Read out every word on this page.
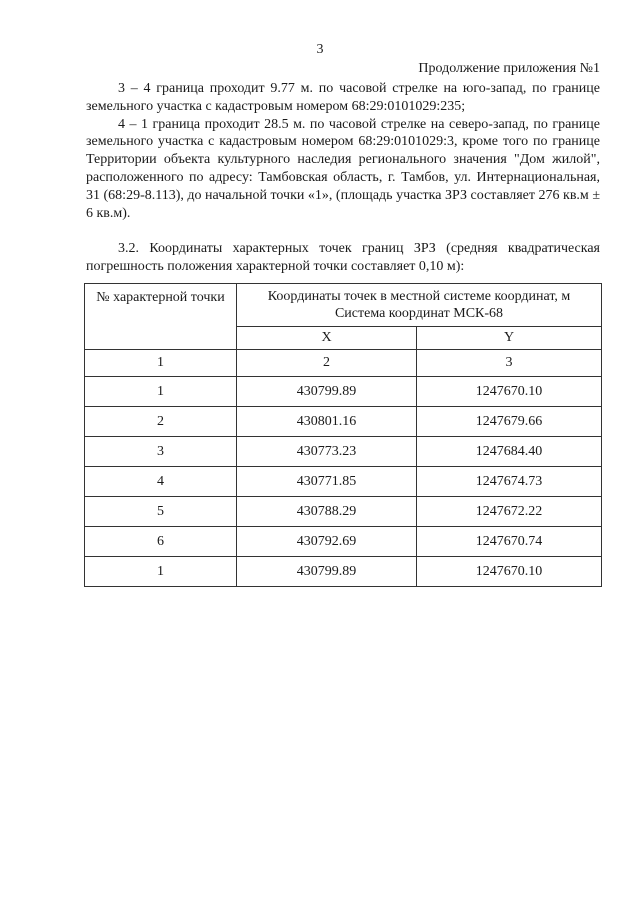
3
Продолжение приложения №1

3 – 4 граница проходит 9.77 м. по часовой стрелке на юго-запад, по границе земельного участка с кадастровым номером 68:29:0101029:235;

4 – 1 граница проходит 28.5 м. по часовой стрелке на северо-запад, по границе земельного участка с кадастровым номером 68:29:0101029:3, кроме того по границе Территории объекта культурного наследия регионального значения "Дом жилой", расположенного по адресу: Тамбовская область, г. Тамбов, ул. Интернациональная, 31 (68:29-8.113), до начальной точки «1», (площадь участка ЗРЗ составляет 276 кв.м ± 6 кв.м).

3.2. Координаты характерных точек границ ЗРЗ (средняя квадратическая погрешность положения характерной точки составляет 0,10 м):

№ характерной точки	Координаты точек в местной системе координат, м
Система координат МСК-68	

	X	Y
1	2	3
1	430799.89	1247670.10
2	430801.16	1247679.66
3	430773.23	1247684.40
4	430771.85	1247674.73
5	430788.29	1247672.22
6	430792.69	1247670.74
1	430799.89	1247670.10
